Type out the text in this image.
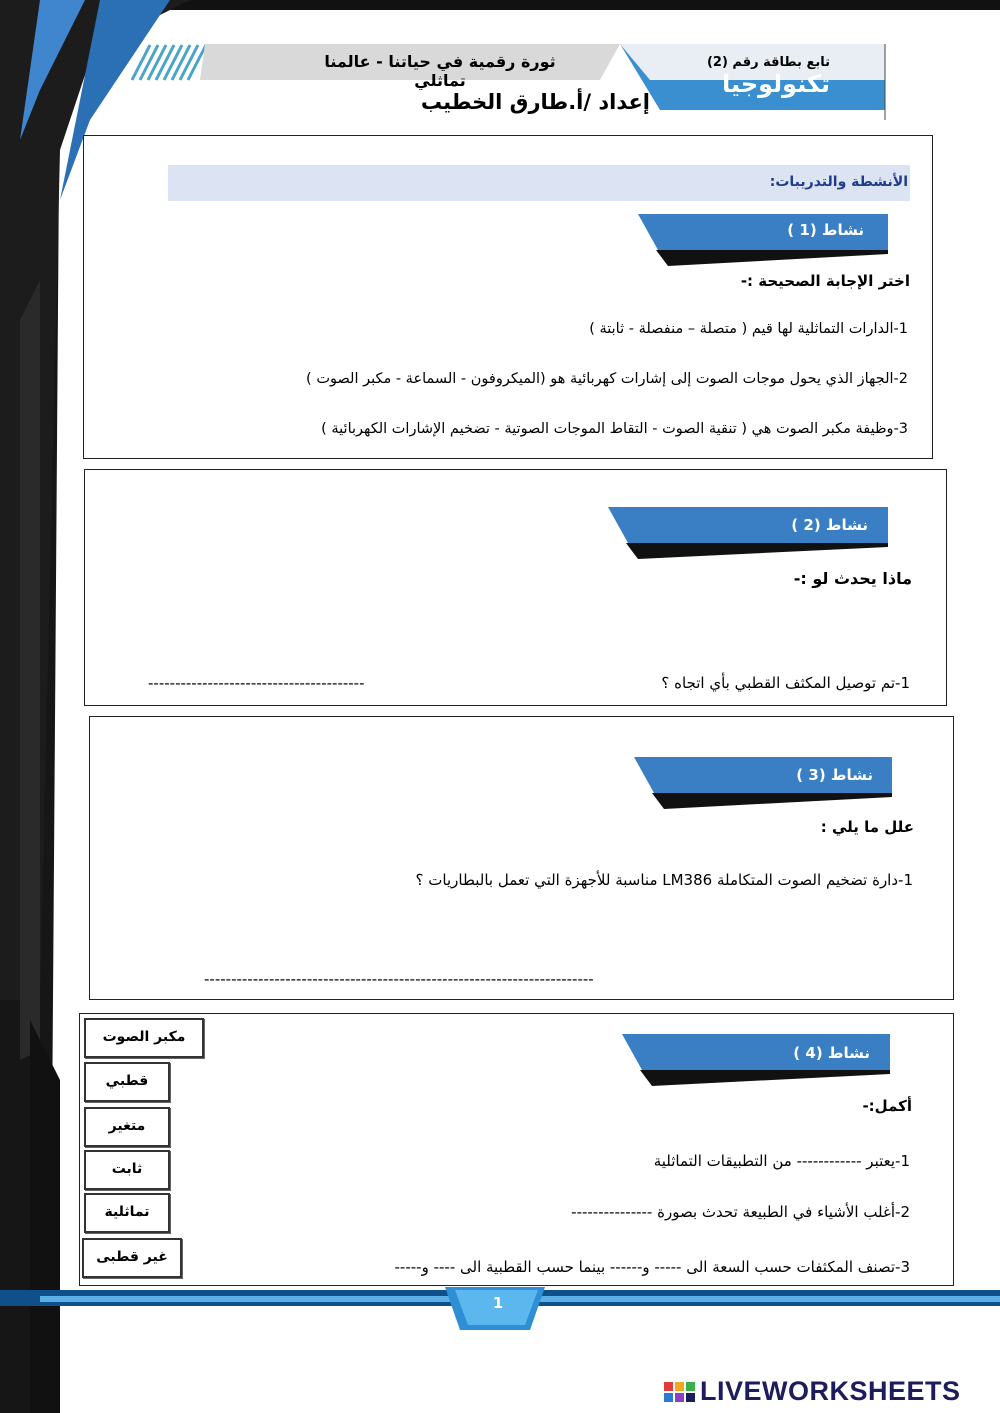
ثورة رقمية في حياتنا - عالمنا تماثلي
تابع بطاقة رقم (2)
تكنولوجيا
إعداد /أ.طارق الخطيب
الأنشطة والتدريبات:
نشاط (1 )
اختر الإجابة الصحيحة :-
1-الدارات التماثلية لها قيم ( متصلة – منفصلة - ثابتة )
2-الجهاز الذي يحول موجات الصوت إلى إشارات كهربائية هو (الميكروفون - السماعة - مكبر الصوت )
3-وظيفة مكبر الصوت هي ( تنقية الصوت - التقاط الموجات الصوتية - تضخيم الإشارات الكهربائية )
نشاط (2 )
ماذا يحدث لو :-
1-تم توصيل المكثف القطبي بأي اتجاه ؟
----------------------------------------
نشاط (3 )
علل ما يلي :
1-دارة تضخيم الصوت المتكاملة LM386 مناسبة للأجهزة التي تعمل بالبطاريات ؟
------------------------------------------------------------------------
نشاط (4 )
أكمل:-
1-يعتبر ------------ من التطبيقات التماثلية
2-أغلب الأشياء في الطبيعة تحدث بصورة ---------------
3-تصنف المكثفات حسب السعة الى ----- و------ بينما حسب القطبية الى ---- و-----
مكبر الصوت
قطبي
متغير
ثابت
تماثلية
غير قطبى
1
LIVEWORKSHEETS
